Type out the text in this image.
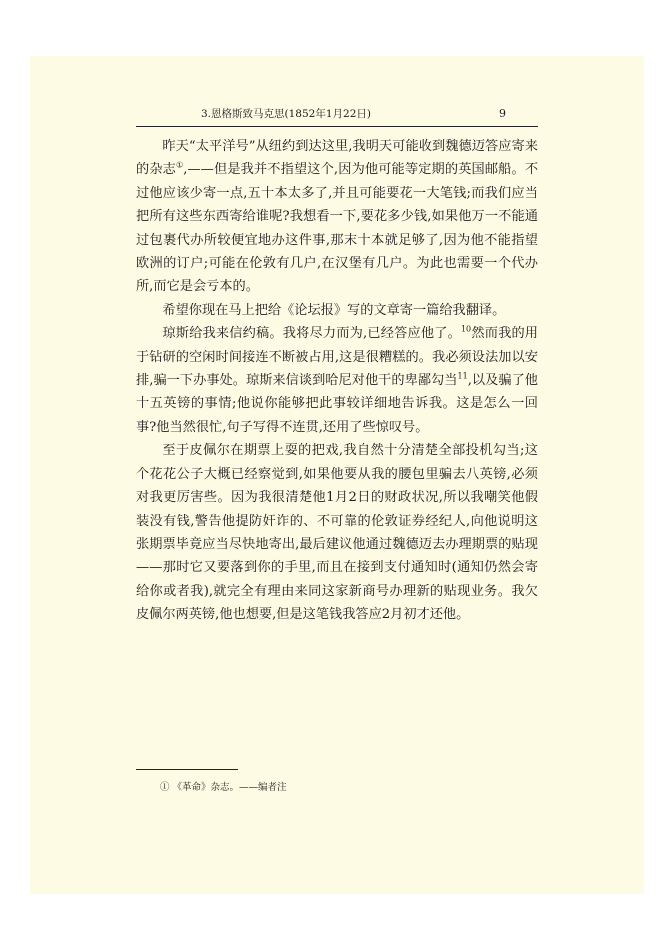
3.恩格斯致马克思(1852年1月22日)	9

昨天“太平洋号”从纽约到达这里,我明天可能收到魏德迈答应寄来的杂志①,——但是我并不指望这个,因为他可能等定期的英国邮船。不过他应该少寄一点,五十本太多了,并且可能要花一大笔钱;而我们应当把所有这些东西寄给谁呢?我想看一下,要花多少钱,如果他万一不能通过包裹代办所较便宜地办这件事,那末十本就足够了,因为他不能指望欧洲的订户;可能在伦敦有几户,在汉堡有几户。为此也需要一个代办所,而它是会亏本的。

希望你现在马上把给《论坛报》写的文章寄一篇给我翻译。

琼斯给我来信约稿。我将尽力而为,已经答应他了。$^{10}$然而我的用于钻研的空闲时间接连不断被占用,这是很糟糕的。我必须设法加以安排,骗一下办事处。琼斯来信谈到哈尼对他干的卑鄙勾当$^{11}$,以及骗了他十五英镑的事情;他说你能够把此事较详细地告诉我。这是怎么一回事?他当然很忙,句子写得不连贯,还用了些惊叹号。

至于皮佩尔在期票上耍的把戏,我自然十分清楚全部投机勾当;这个花花公子大概已经察觉到,如果他要从我的腰包里骗去八英镑,必须对我更厉害些。因为我很清楚他1月2日的财政状况,所以我嘲笑他假装没有钱,警告他提防奸诈的、不可靠的伦敦证券经纪人,向他说明这张期票毕竟应当尽快地寄出,最后建议他通过魏德迈去办理期票的贴现——那时它又要落到你的手里,而且在接到支付通知时(通知仍然会寄给你或者我),就完全有理由来同这家新商号办理新的贴现业务。我欠皮佩尔两英镑,他也想要,但是这笔钱我答应2月初才还他。

① 《革命》杂志。——编者注
